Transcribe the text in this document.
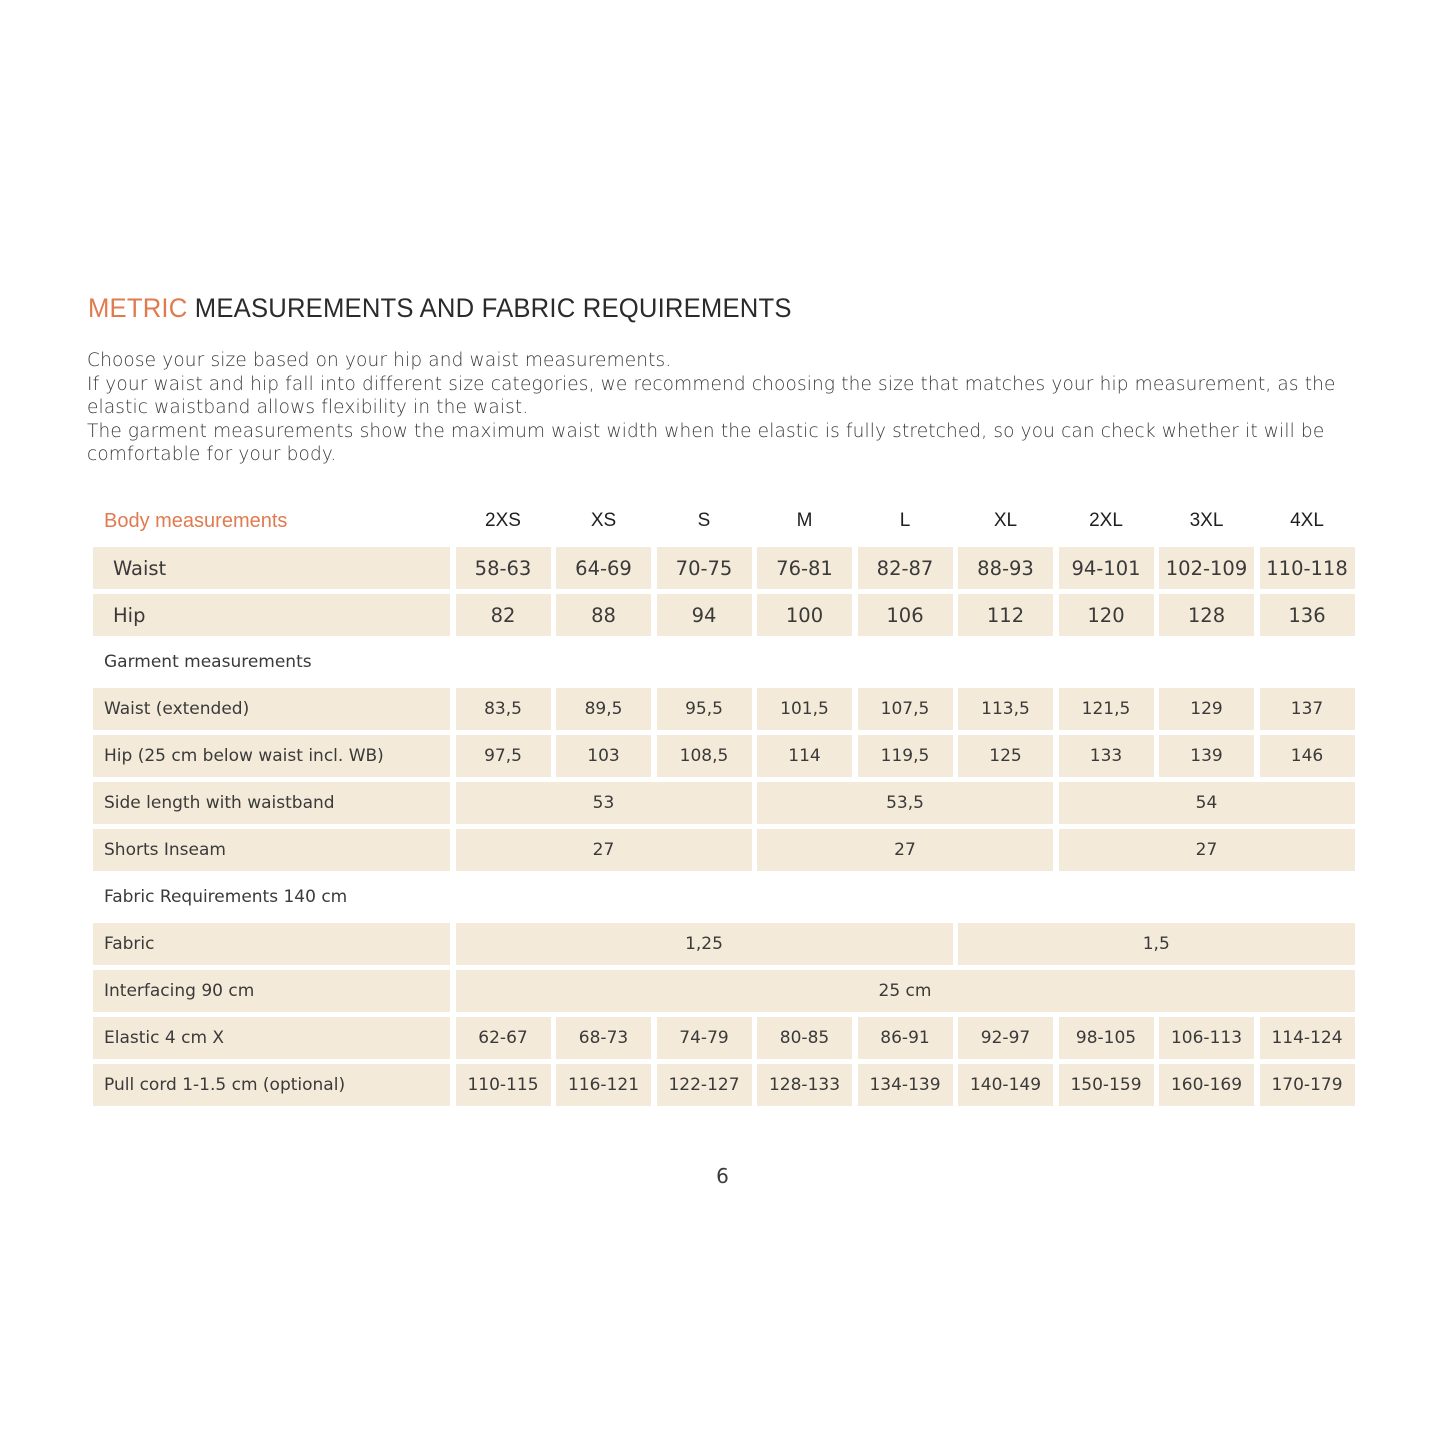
METRIC MEASUREMENTS AND FABRIC REQUIREMENTS

Choose your size based on your hip and waist measurements.

If your waist and hip fall into different size categories, we recommend choosing the size that matches your hip measurement, as the elastic waistband allows flexibility in the waist.

The garment measurements show the maximum waist width when the elastic is fully stretched, so you can check whether it will be comfortable for your body.

Body measurements	2XS	XS	S	M	L	XL	2XL	3XL	4XL
Waist	58-63	64-69	70-75	76-81	82-87	88-93	94-101	102-109 110-118
Hip	82	88	94	100	106	112	120	128	136
Garment measurements
Waist (extended)	83,5	89,5	95,5	101,5	107,5	113,5	121,5	129	137
Hip (25 cm below waist incl. WB)	97,5	103	108,5	114	119,5	125	133	139	146
Side length with waistband	53	53,5	54
Shorts Inseam	27	27	27
Fabric Requirements 140 cm
Fabric	1,25	1,5
Interfacing 90 cm	25 cm
Elastic 4 cm X	62-67	68-73	74-79	80-85	86-91	92-97	98-105	106-113	114-124
Pull cord 1-1.5 cm (optional)	110-115	116-121	122-127	128-133	134-139	140-149	150-159	160-169	170-179
6
